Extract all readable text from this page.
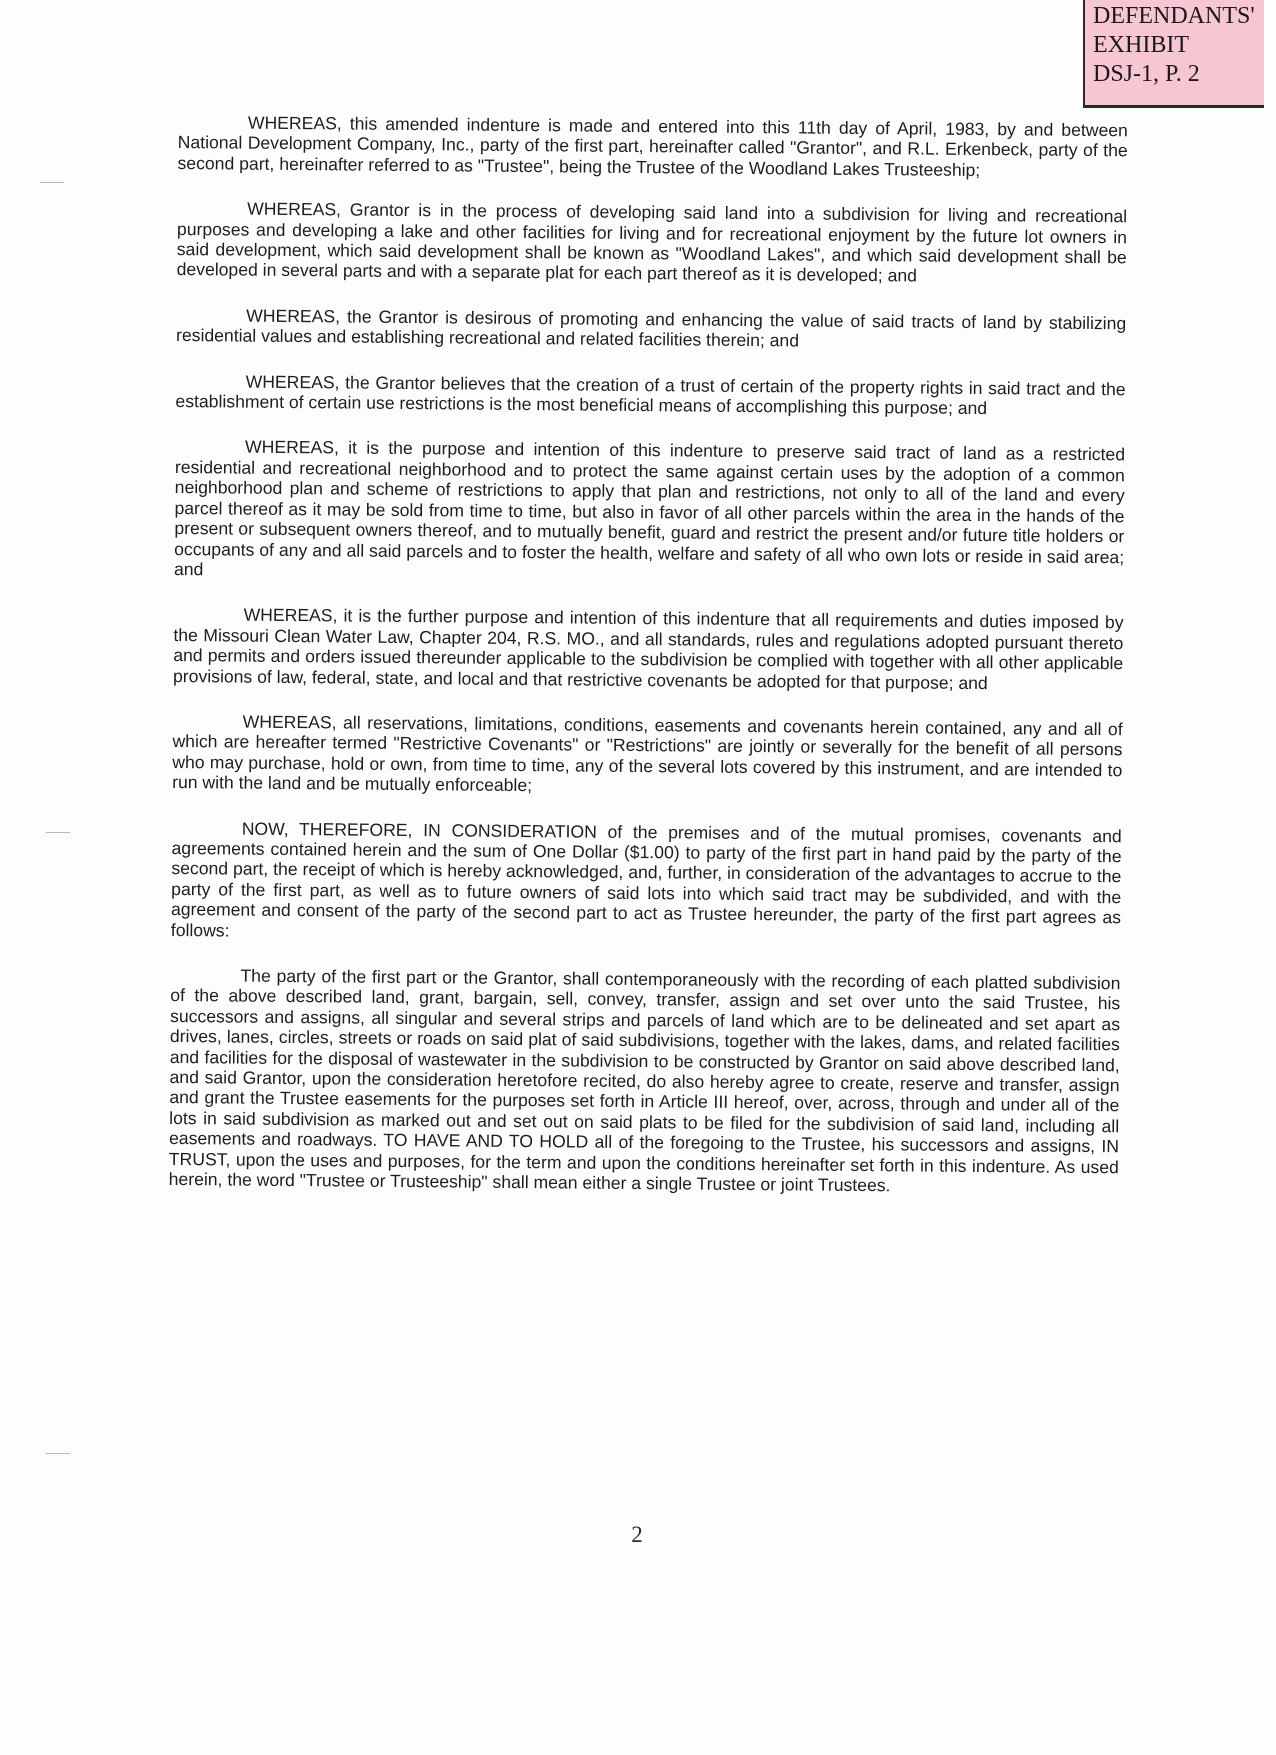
DEFENDANTS'
EXHIBIT
DSJ-1, P. 2

WHEREAS, this amended indenture is made and entered into this 11th day of April, 1983, by and between National Development Company, Inc., party of the first part, hereinafter called "Grantor", and R.L. Erkenbeck, party of the second part, hereinafter referred to as "Trustee", being the Trustee of the Woodland Lakes Trusteeship;

WHEREAS, Grantor is in the process of developing said land into a subdivision for living and recreational purposes and developing a lake and other facilities for living and for recreational enjoyment by the future lot owners in said development, which said development shall be known as "Woodland Lakes", and which said development shall be developed in several parts and with a separate plat for each part thereof as it is developed; and

WHEREAS, the Grantor is desirous of promoting and enhancing the value of said tracts of land by stabilizing residential values and establishing recreational and related facilities therein; and

WHEREAS, the Grantor believes that the creation of a trust of certain of the property rights in said tract and the establishment of certain use restrictions is the most beneficial means of accomplishing this purpose; and

WHEREAS, it is the purpose and intention of this indenture to preserve said tract of land as a restricted residential and recreational neighborhood and to protect the same against certain uses by the adoption of a common neighborhood plan and scheme of restrictions to apply that plan and restrictions, not only to all of the land and every parcel thereof as it may be sold from time to time, but also in favor of all other parcels within the area in the hands of the present or subsequent owners thereof, and to mutually benefit, guard and restrict the present and/or future title holders or occupants of any and all said parcels and to foster the health, welfare and safety of all who own lots or reside in said area; and

WHEREAS, it is the further purpose and intention of this indenture that all requirements and duties imposed by the Missouri Clean Water Law, Chapter 204, R.S. MO., and all standards, rules and regulations adopted pursuant thereto and permits and orders issued thereunder applicable to the subdivision be complied with together with all other applicable provisions of law, federal, state, and local and that restrictive covenants be adopted for that purpose; and

WHEREAS, all reservations, limitations, conditions, easements and covenants herein contained, any and all of which are hereafter termed "Restrictive Covenants" or "Restrictions" are jointly or severally for the benefit of all persons who may purchase, hold or own, from time to time, any of the several lots covered by this instrument, and are intended to run with the land and be mutually enforceable;

NOW, THEREFORE, IN CONSIDERATION of the premises and of the mutual promises, covenants and agreements contained herein and the sum of One Dollar ($1.00) to party of the first part in hand paid by the party of the second part, the receipt of which is hereby acknowledged, and, further, in consideration of the advantages to accrue to the party of the first part, as well as to future owners of said lots into which said tract may be subdivided, and with the agreement and consent of the party of the second part to act as Trustee hereunder, the party of the first part agrees as follows:

The party of the first part or the Grantor, shall contemporaneously with the recording of each platted subdivision of the above described land, grant, bargain, sell, convey, transfer, assign and set over unto the said Trustee, his successors and assigns, all singular and several strips and parcels of land which are to be delineated and set apart as drives, lanes, circles, streets or roads on said plat of said subdivisions, together with the lakes, dams, and related facilities and facilities for the disposal of wastewater in the subdivision to be constructed by Grantor on said above described land, and said Grantor, upon the consideration heretofore recited, do also hereby agree to create, reserve and transfer, assign and grant the Trustee easements for the purposes set forth in Article III hereof, over, across, through and under all of the lots in said subdivision as marked out and set out on said plats to be filed for the subdivision of said land, including all easements and roadways. TO HAVE AND TO HOLD all of the foregoing to the Trustee, his successors and assigns, IN TRUST, upon the uses and purposes, for the term and upon the conditions hereinafter set forth in this indenture. As used herein, the word "Trustee or Trusteeship" shall mean either a single Trustee or joint Trustees.

2
